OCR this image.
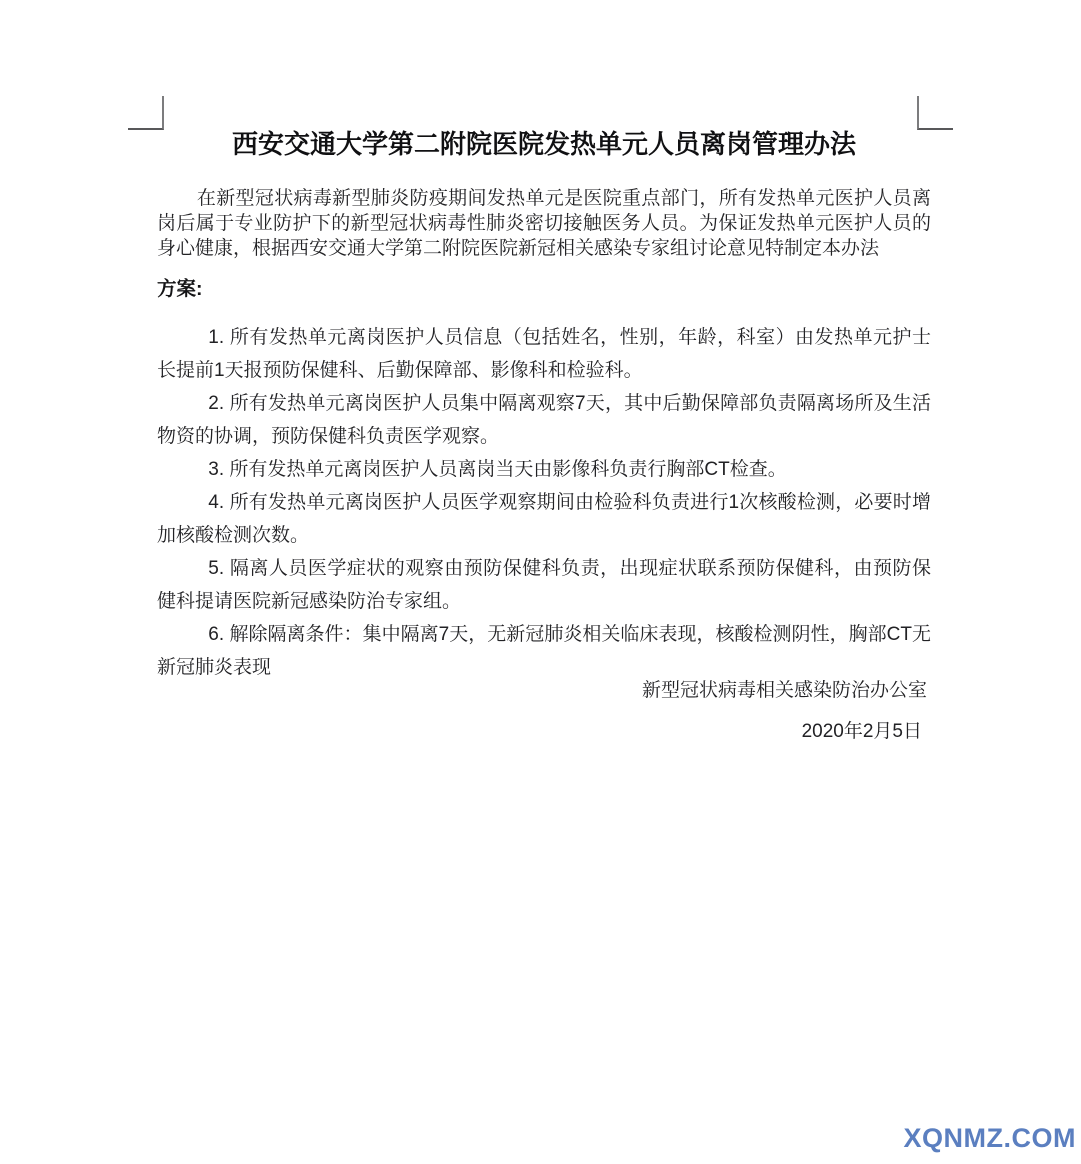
西安交通大学第二附院医院发热单元人员离岗管理办法

在新型冠状病毒新型肺炎防疫期间发热单元是医院重点部门，所有发热单元医护人员离岗后属于专业防护下的新型冠状病毒性肺炎密切接触医务人员。为保证发热单元医护人员的身心健康，根据西安交通大学第二附院医院新冠相关感染专家组讨论意见特制定本办法

方案:

1. 所有发热单元离岗医护人员信息（包括姓名，性别，年龄，科室）由发热单元护士长提前1天报预防保健科、后勤保障部、影像科和检验科。

2. 所有发热单元离岗医护人员集中隔离观察7天，其中后勤保障部负责隔离场所及生活物资的协调，预防保健科负责医学观察。

3. 所有发热单元离岗医护人员离岗当天由影像科负责行胸部CT检查。

4. 所有发热单元离岗医护人员医学观察期间由检验科负责进行1次核酸检测，必要时增加核酸检测次数。

5. 隔离人员医学症状的观察由预防保健科负责，出现症状联系预防保健科，由预防保健科提请医院新冠感染防治专家组。

6. 解除隔离条件：集中隔离7天，无新冠肺炎相关临床表现，核酸检测阴性，胸部CT无新冠肺炎表现

新型冠状病毒相关感染防治办公室

2020年2月5日

XQNMZ.COM
